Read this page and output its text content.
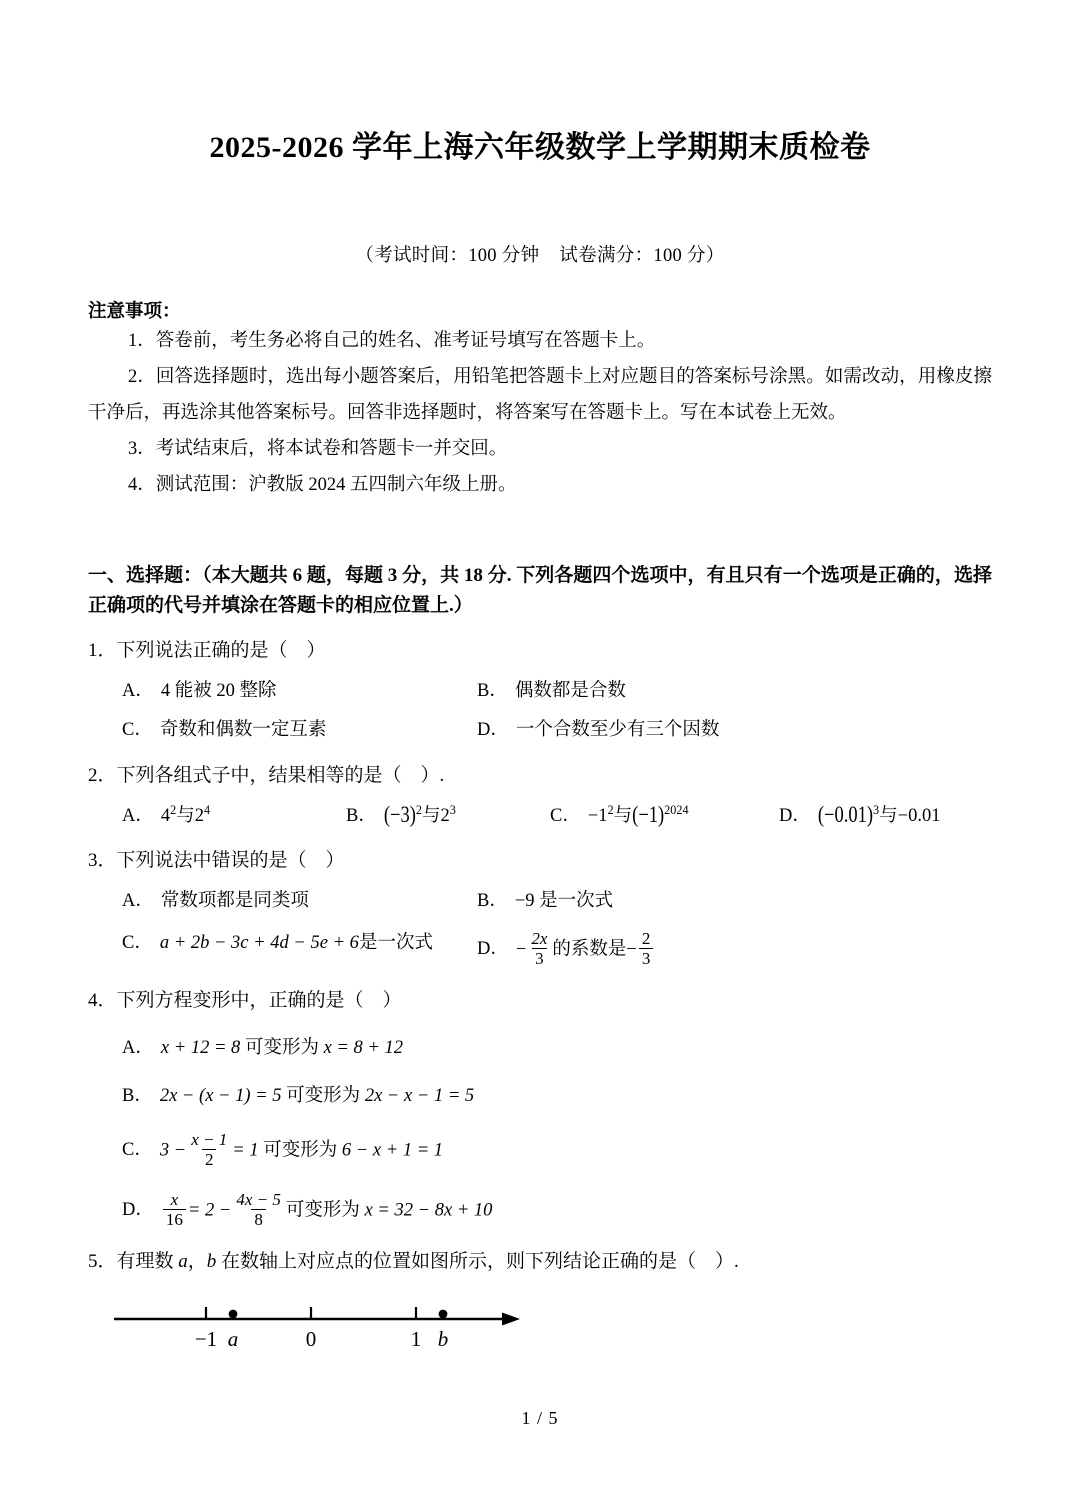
2025-2026 学年上海六年级数学上学期期末质检卷
（考试时间：100 分钟 试卷满分：100 分）
注意事项：
1．答卷前，考生务必将自己的姓名、准考证号填写在答题卡上。
2．回答选择题时，选出每小题答案后，用铅笔把答题卡上对应题目的答案标号涂黑。如需改动，用橡皮擦干净后，再选涂其他答案标号。回答非选择题时，将答案写在答题卡上。写在本试卷上无效。
3．考试结束后，将本试卷和答题卡一并交回。
4．测试范围：沪教版 2024 五四制六年级上册。
一、选择题：（本大题共 6 题，每题 3 分，共 18 分. 下列各题四个选项中，有且只有一个选项是正确的，选择正确项的代号并填涂在答题卡的相应位置上.）
1．下列说法正确的是（　）
A． 4 能被 20 整除	B． 偶数都是合数
C． 奇数和偶数一定互素	D． 一个合数至少有三个因数
2．下列各组式子中，结果相等的是（　）.
A． $4^2$与$2^4$	B． $(-3)^2$与$2^3$	C． $-1^2$与$(-1)^{2024}$	D． $(-0.01)^3$与−0.01
3．下列说法中错误的是（　）
A． 常数项都是同类项	B． −9 是一次式
C． a + 2b − 3c + 4d − 5e + 6是一次式 D． − $\frac{2x}{3}$ 的系数是− $\frac{2}{3}$
4．下列方程变形中，正确的是（　）
A． x + 12 = 8 可变形为 x = 8 + 12
B． 2x − (x − 1) = 5 可变形为 2x − x − 1 = 5
C． $3 - \frac{x - 1}{2} = 1$ 可变形为 6 − x + 1 = 1
D． $\frac{x}{16} = 2 - \frac{4x - 5}{8}$ 可变形为 x = 32 − 8x + 10
5．有理数 a，b 在数轴上对应点的位置如图所示，则下列结论正确的是（　）.
−1	0	1
a	b
1 / 5
